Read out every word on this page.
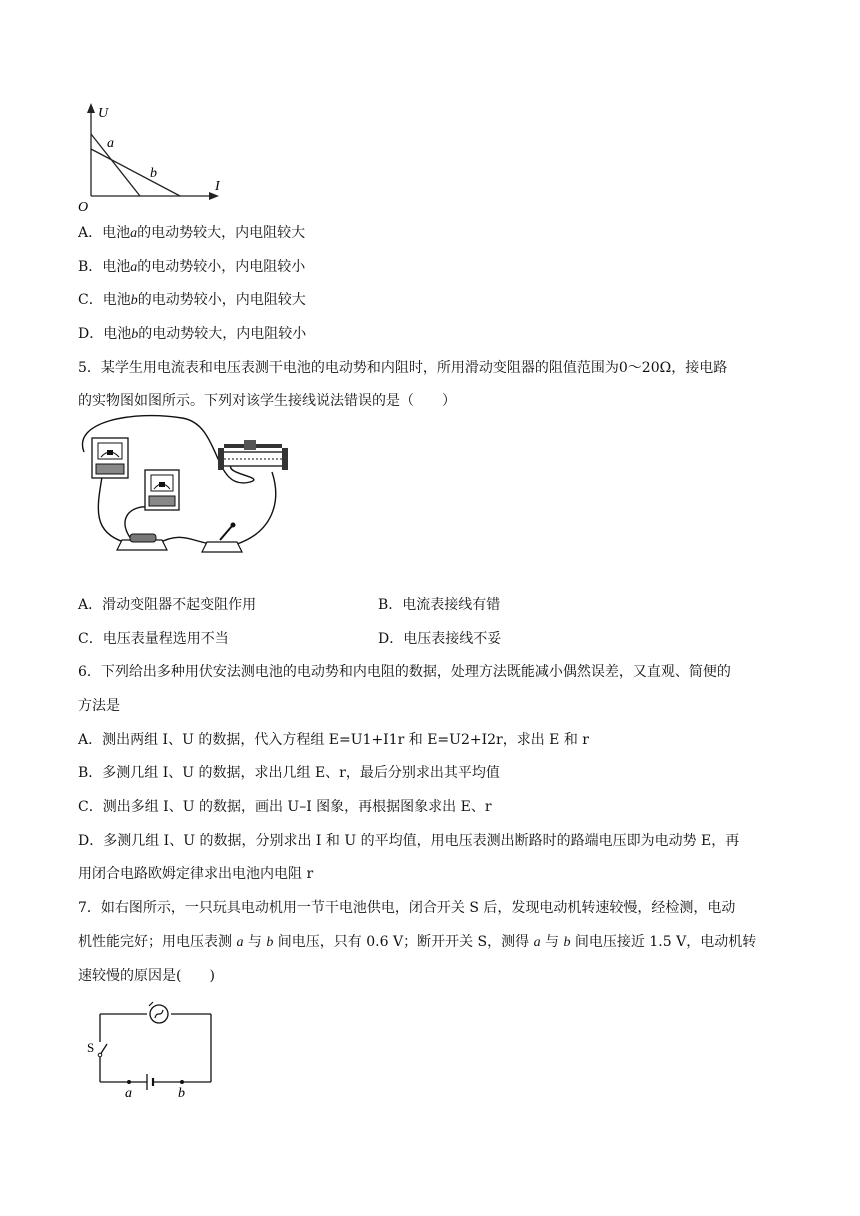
U
I
O
a
b
A．电池a的电动势较大，内电阻较大
B．电池a的电动势较小，内电阻较小
C．电池b的电动势较小，内电阻较大
D．电池b的电动势较大，内电阻较小
5．某学生用电流表和电压表测干电池的电动势和内阻时，所用滑动变阻器的阻值范围为0～20Ω，接电路
的实物图如图所示。下列对该学生接线说法错误的是（　　）
A．滑动变阻器不起变阻作用	B．电流表接线有错
C．电压表量程选用不当	D．电压表接线不妥
6．下列给出多种用伏安法测电池的电动势和内电阻的数据，处理方法既能减小偶然误差，又直观、简便的
方法是
A．测出两组 I、U 的数据，代入方程组 E=U1+I1r 和 E=U2+I2r，求出 E 和 r
B．多测几组 I、U 的数据，求出几组 E、r，最后分别求出其平均值
C．测出多组 I、U 的数据，画出 U–I 图象，再根据图象求出 E、r
D．多测几组 I、U 的数据，分别求出 I 和 U 的平均值，用电压表测出断路时的路端电压即为电动势 E，再
用闭合电路欧姆定律求出电池内电阻 r
7．如右图所示，一只玩具电动机用一节干电池供电，闭合开关 S 后，发现电动机转速较慢，经检测，电动
机性能完好；用电压表测 a 与 b 间电压，只有 0.6 V；断开开关 S，测得 a 与 b 间电压接近 1.5 V，电动机转
速较慢的原因是(　　)
S
a	b
